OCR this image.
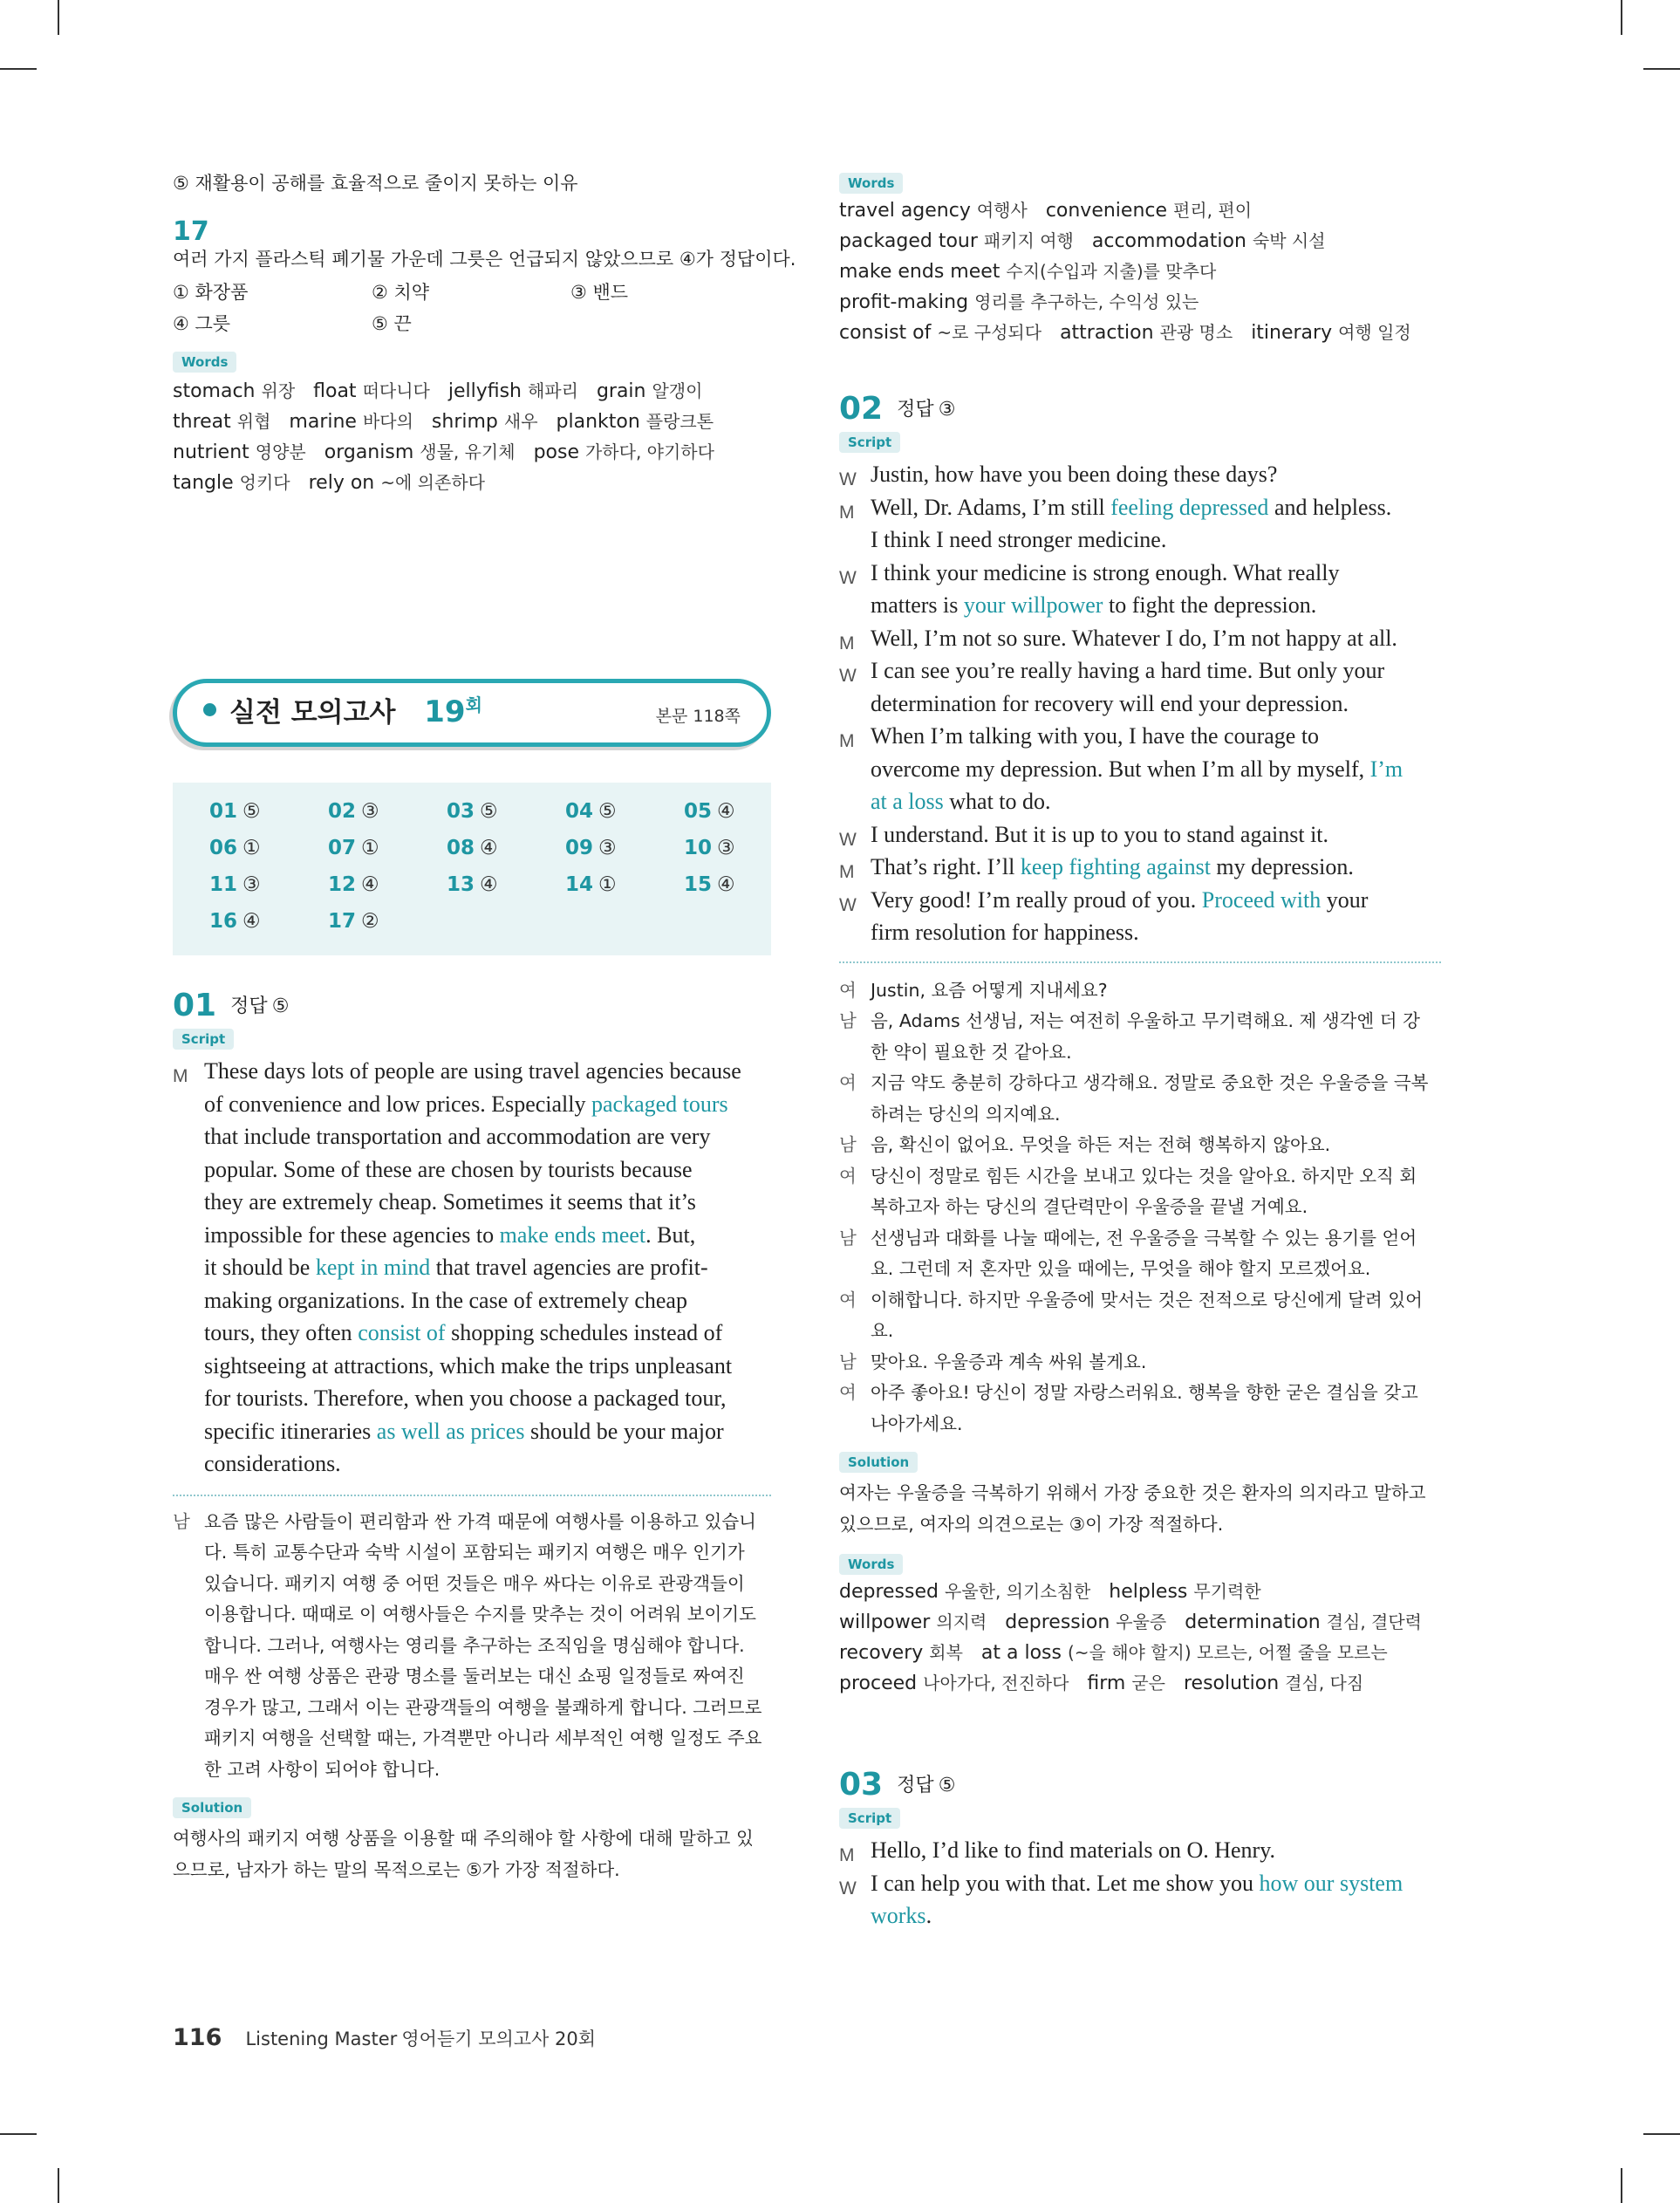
⑤ 재활용이 공해를 효율적으로 줄이지 못하는 이유
17
여러 가지 플라스틱 폐기물 가운데 그릇은 언급되지 않았으므로 ④가 정답이다.
① 화장품	② 치약	③ 밴드
④ 그릇	⑤ 끈
Words
stomach 위장 float 떠다니다 jellyfish 해파리 grain 알갱이
threat 위협 marine 바다의 shrimp 새우 plankton 플랑크톤
nutrient 영양분 organism 생물, 유기체 pose 가하다, 야기하다
tangle 엉키다 rely on ~에 의존하다
실전 모의고사 $19^회$
본문 118쪽
01 ⑤	02 ③	03 ⑤	04 ⑤	05 ④
06 ①	07 ①	08 ④	09 ③	10 ③
11 ③	12 ④	13 ④	14 ①	15 ④
16 ④	17 ②
01 정답 ⑤
Script
M These days lots of people are using travel agencies because
of convenience and low prices. Especially packaged tours
that include transportation and accommodation are very
popular. Some of these are chosen by tourists because
they are extremely cheap. Sometimes it seems that it’s
impossible for these agencies to make ends meet. But,
it should be kept in mind that travel agencies are profit-
making organizations. In the case of extremely cheap
tours, they often consist of shopping schedules instead of
sightseeing at attractions, which make the trips unpleasant
for tourists. Therefore, when you choose a packaged tour,
specific itineraries as well as prices should be your major
considerations.
남 요즘 많은 사람들이 편리함과 싼 가격 때문에 여행사를 이용하고 있습니
다. 특히 교통수단과 숙박 시설이 포함되는 패키지 여행은 매우 인기가
있습니다. 패키지 여행 중 어떤 것들은 매우 싸다는 이유로 관광객들이
이용합니다. 때때로 이 여행사들은 수지를 맞추는 것이 어려워 보이기도
합니다. 그러나, 여행사는 영리를 추구하는 조직임을 명심해야 합니다.
매우 싼 여행 상품은 관광 명소를 둘러보는 대신 쇼핑 일정들로 짜여진
경우가 많고, 그래서 이는 관광객들의 여행을 불쾌하게 합니다. 그러므로
패키지 여행을 선택할 때는, 가격뿐만 아니라 세부적인 여행 일정도 주요
한 고려 사항이 되어야 합니다.
Solution
여행사의 패키지 여행 상품을 이용할 때 주의해야 할 사항에 대해 말하고 있
으므로, 남자가 하는 말의 목적으로는 ⑤가 가장 적절하다.
116 Listening Master 영어듣기 모의고사 20회
Words
travel agency 여행사 convenience 편리, 편이
packaged tour 패키지 여행 accommodation 숙박 시설
make ends meet 수지(수입과 지출)를 맞추다
profit-making 영리를 추구하는, 수익성 있는
consist of ~로 구성되다 attraction 관광 명소 itinerary 여행 일정
02 정답 ③
Script
W Justin, how have you been doing these days?
M Well, Dr. Adams, I’m still feeling depressed and helpless.
I think I need stronger medicine.
W I think your medicine is strong enough. What really
matters is your willpower to fight the depression.
M Well, I’m not so sure. Whatever I do, I’m not happy at all.
W I can see you’re really having a hard time. But only your
determination for recovery will end your depression.
M When I’m talking with you, I have the courage to
overcome my depression. But when I’m all by myself, I’m
at a loss what to do.
W I understand. But it is up to you to stand against it.
M That’s right. I’ll keep fighting against my depression.
W Very good! I’m really proud of you. Proceed with your
firm resolution for happiness.
여 Justin, 요즘 어떻게 지내세요?
남 음, Adams 선생님, 저는 여전히 우울하고 무기력해요. 제 생각엔 더 강
한 약이 필요한 것 같아요.
여 지금 약도 충분히 강하다고 생각해요. 정말로 중요한 것은 우울증을 극복
하려는 당신의 의지예요.
남 음, 확신이 없어요. 무엇을 하든 저는 전혀 행복하지 않아요.
여 당신이 정말로 힘든 시간을 보내고 있다는 것을 알아요. 하지만 오직 회
복하고자 하는 당신의 결단력만이 우울증을 끝낼 거예요.
남 선생님과 대화를 나눌 때에는, 전 우울증을 극복할 수 있는 용기를 얻어
요. 그런데 저 혼자만 있을 때에는, 무엇을 해야 할지 모르겠어요.
여 이해합니다. 하지만 우울증에 맞서는 것은 전적으로 당신에게 달려 있어
요.
남 맞아요. 우울증과 계속 싸워 볼게요.
여 아주 좋아요! 당신이 정말 자랑스러워요. 행복을 향한 굳은 결심을 갖고
나아가세요.
Solution
여자는 우울증을 극복하기 위해서 가장 중요한 것은 환자의 의지라고 말하고
있으므로, 여자의 의견으로는 ③이 가장 적절하다.
Words
depressed 우울한, 의기소침한 helpless 무기력한
willpower 의지력 depression 우울증 determination 결심, 결단력
recovery 회복 at a loss (~을 해야 할지) 모르는, 어쩔 줄을 모르는
proceed 나아가다, 전진하다 firm 굳은 resolution 결심, 다짐
03 정답 ⑤
Script
M Hello, I’d like to find materials on O. Henry.
W I can help you with that. Let me show you how our system
works.
